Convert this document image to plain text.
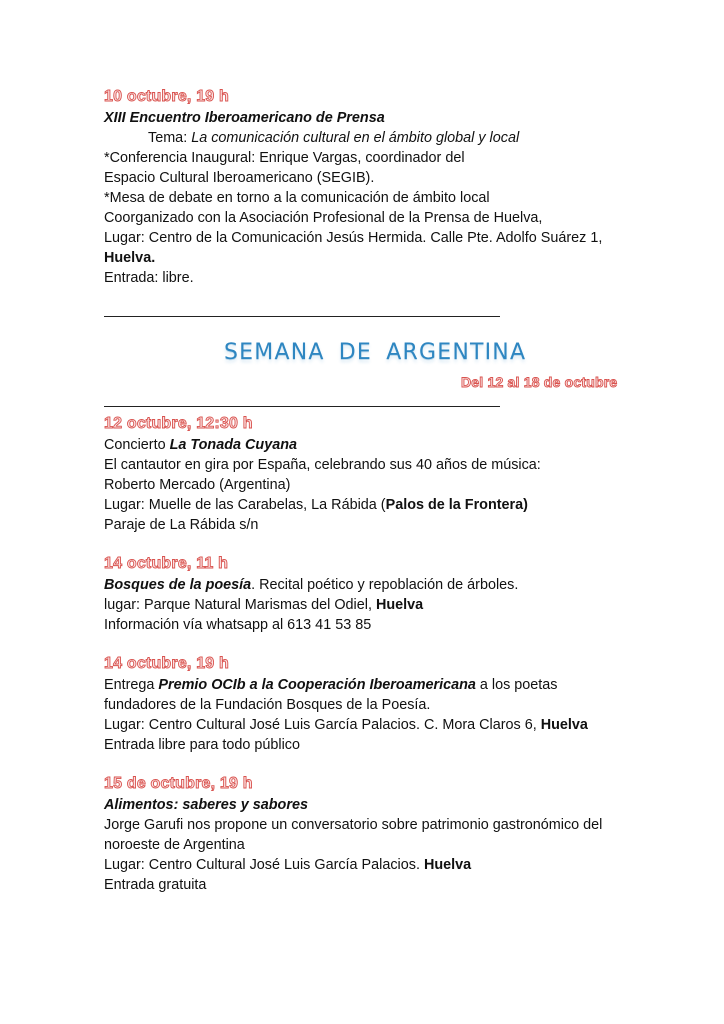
10 octubre, 19 h
XIII Encuentro Iberoamericano de Prensa
Tema: La comunicación cultural en el ámbito global y local
*Conferencia Inaugural: Enrique Vargas, coordinador del
Espacio Cultural Iberoamericano (SEGIB).
*Mesa de debate en torno a la comunicación de ámbito local
Coorganizado con la Asociación Profesional de la Prensa de Huelva,
Lugar: Centro de la Comunicación Jesús Hermida. Calle Pte. Adolfo Suárez 1,
Huelva.
Entrada: libre.
SEMANA DE ARGENTINA
Del 12 al 18 de octubre
12 octubre, 12:30 h
Concierto La Tonada Cuyana
El cantautor en gira por España, celebrando sus 40 años de música:
Roberto Mercado (Argentina)
Lugar: Muelle de las Carabelas, La Rábida (Palos de la Frontera)
Paraje de La Rábida s/n
14 octubre, 11 h
Bosques de la poesía. Recital poético y repoblación de árboles.
lugar: Parque Natural Marismas del Odiel, Huelva
Información vía whatsapp al 613 41 53 85
14 octubre, 19 h
Entrega Premio OCIb a la Cooperación Iberoamericana a los poetas
fundadores de la Fundación Bosques de la Poesía.
Lugar: Centro Cultural José Luis García Palacios. C. Mora Claros 6, Huelva
Entrada libre para todo público
15 de octubre, 19 h
Alimentos: saberes y sabores
Jorge Garufi nos propone un conversatorio sobre patrimonio gastronómico del
noroeste de Argentina
Lugar: Centro Cultural José Luis García Palacios. Huelva
Entrada gratuita
